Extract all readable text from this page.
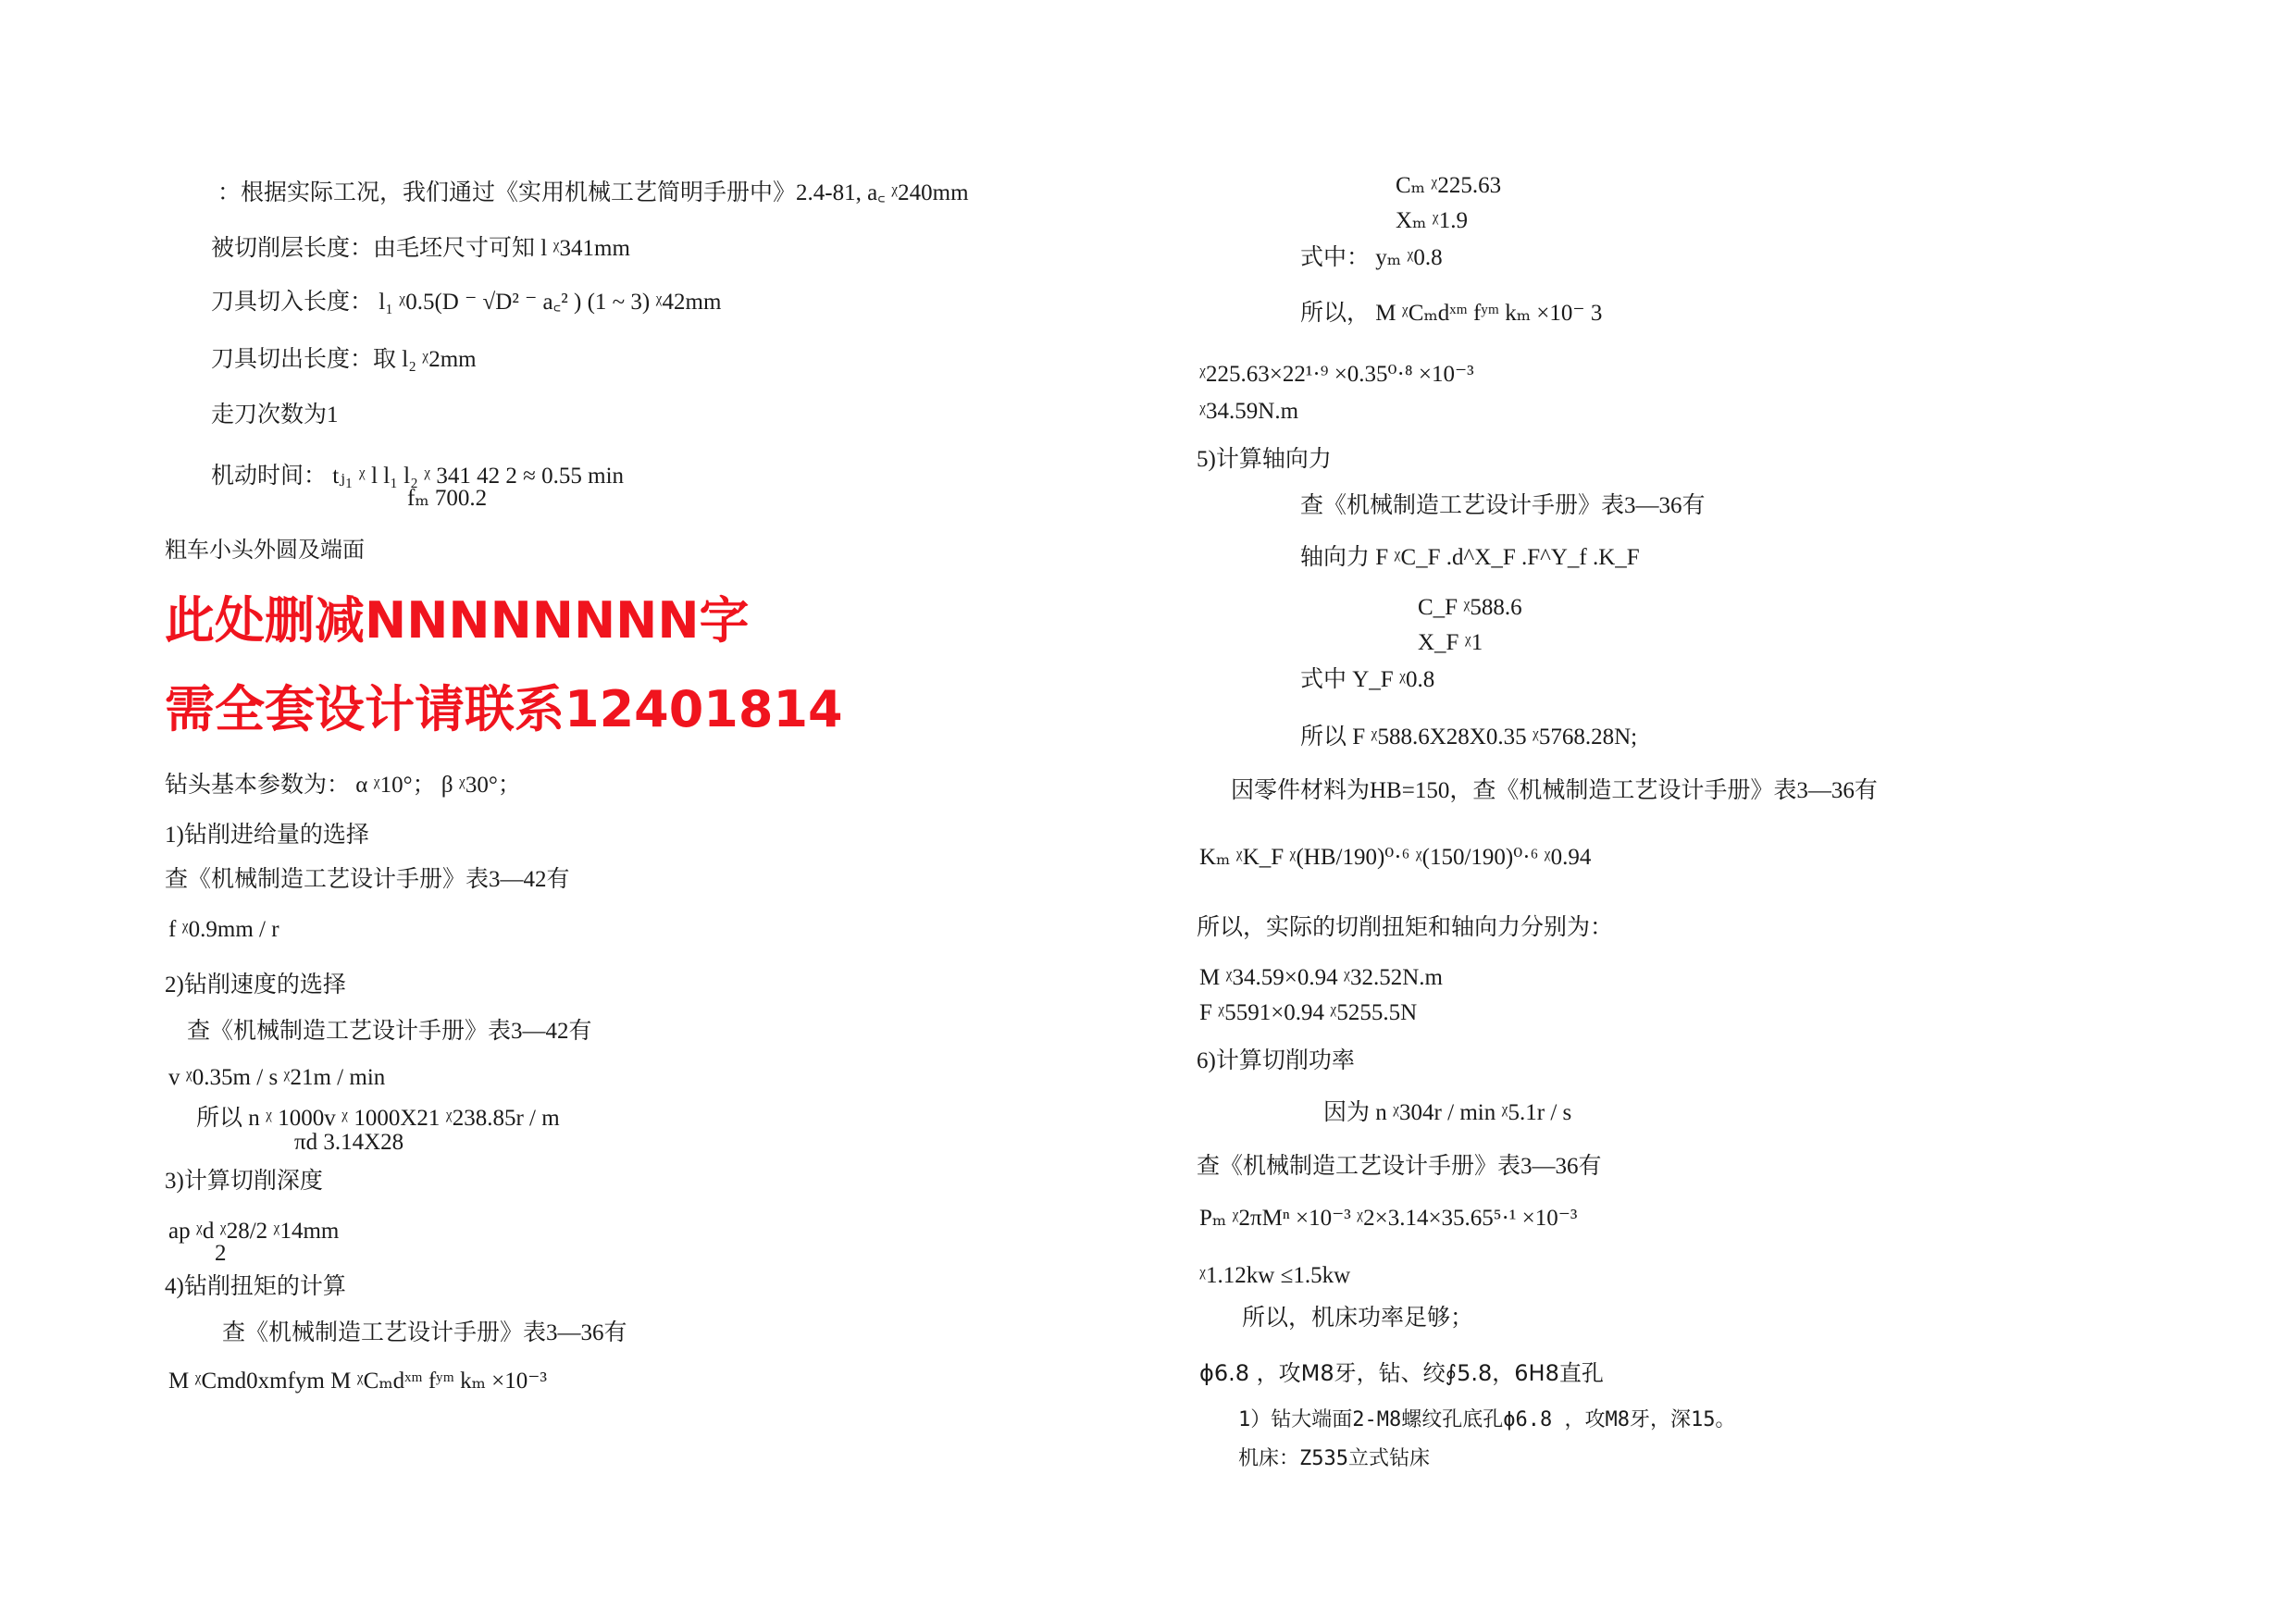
：根据实际工况，我们通过《实用机械工艺简明手册中》2.4-81, a꜀ ᵡ240mm
被切削层长度：由毛坯尺寸可知 l ᵡ341mm
刀具切入长度： l₁ ᵡ0.5(D ⁻ √D² ⁻ a꜀² ) (1 ~ 3) ᵡ42mm
刀具切出长度：取 l₂ ᵡ2mm
走刀次数为1
机动时间： tⱼ₁ ᵡ l l₁ l₂ ᵡ 341 42 2 ≈ 0.55 min
fₘ 700.2
粗车小头外圆及端面
此处删减NNNNNNNN字
需全套设计请联系12401814
钻头基本参数为： α ᵡ10°； β ᵡ30°；
1)钻削进给量的选择
查《机械制造工艺设计手册》表3—42有
f ᵡ0.9mm / r
2)钻削速度的选择
查《机械制造工艺设计手册》表3—42有
v ᵡ0.35m / s ᵡ21m / min
所以 n ᵡ 1000v ᵡ 1000X21 ᵡ238.85r / m
πd 3.14X28
3)计算切削深度
ap ᵡd ᵡ28/2 ᵡ14mm
2
4)钻削扭矩的计算
查《机械制造工艺设计手册》表3—36有
M ᵡCmd0xmfym M ᵡCₘdˣᵐ fʸᵐ kₘ ×10⁻³
Cₘ ᵡ225.63
Xₘ ᵡ1.9
式中： yₘ ᵡ0.8
所以， M ᵡCₘdˣᵐ fʸᵐ kₘ ×10⁻ 3
ᵡ225.63×22¹·⁹ ×0.35⁰·⁸ ×10⁻³
ᵡ34.59N.m
5)计算轴向力
查《机械制造工艺设计手册》表3—36有
轴向力 F ᵡC_F .d^X_F .F^Y_f .K_F
C_F ᵡ588.6
X_F ᵡ1
式中 Y_F ᵡ0.8
所以 F ᵡ588.6X28X0.35 ᵡ5768.28N;
因零件材料为HB=150，查《机械制造工艺设计手册》表3—36有
Kₘ ᵡK_F ᵡ(HB/190)⁰·⁶ ᵡ(150/190)⁰·⁶ ᵡ0.94
所以，实际的切削扭矩和轴向力分别为：
M ᵡ34.59×0.94 ᵡ32.52N.m
F ᵡ5591×0.94 ᵡ5255.5N
6)计算切削功率
因为 n ᵡ304r / min ᵡ5.1r / s
查《机械制造工艺设计手册》表3—36有
Pₘ ᵡ2πMⁿ ×10⁻³ ᵡ2×3.14×35.65⁵·¹ ×10⁻³
ᵡ1.12kw ≤1.5kw
所以，机床功率足够；
ϕ6.8 ，攻M8牙，钻、绞∮5.8，6H8直孔
1）钻大端面2-M8螺纹孔底孔ϕ6.8 ，攻M8牙，深15。
机床：Z535立式钻床
